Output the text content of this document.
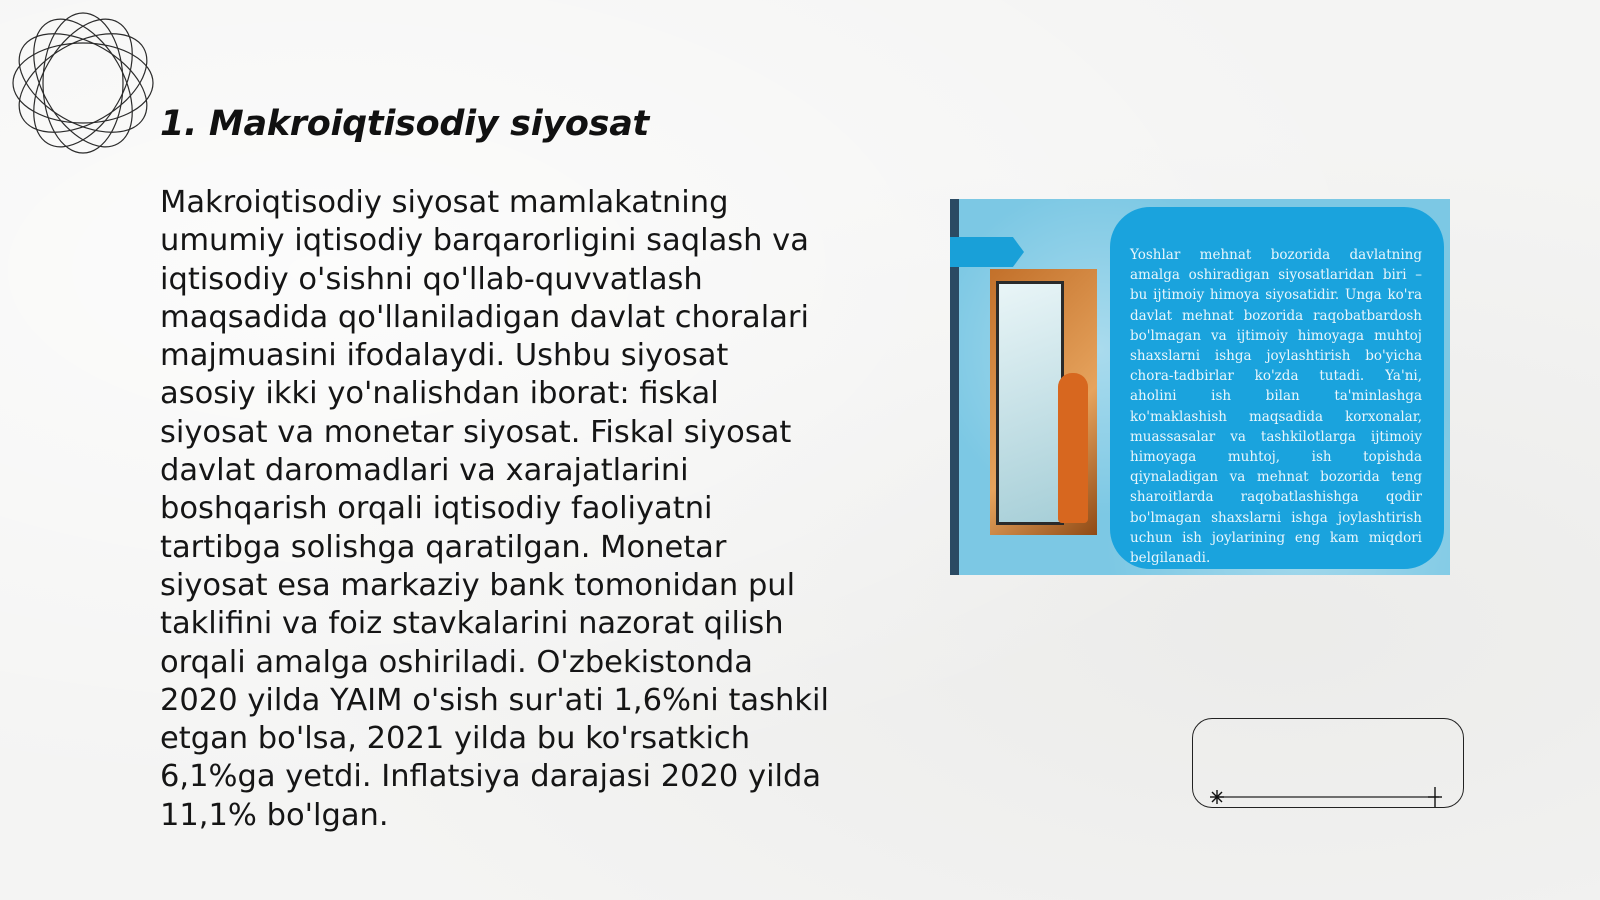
1. Makroiqtisodiy siyosat

Makroiqtisodiy siyosat mamlakatning umumiy iqtisodiy barqarorligini saqlash va iqtisodiy o'sishni qo'llab-quvvatlash maqsadida qo'llaniladigan davlat choralari majmuasini ifodalaydi. Ushbu siyosat asosiy ikki yo'nalishdan iborat: fiskal siyosat va monetar siyosat. Fiskal siyosat davlat daromadlari va xarajatlarini boshqarish orqali iqtisodiy faoliyatni tartibga solishga qaratilgan. Monetar siyosat esa markaziy bank tomonidan pul taklifini va foiz stavkalarini nazorat qilish orqali amalga oshiriladi. O'zbekistonda 2020 yilda YAIM o'sish sur'ati 1,6%ni tashkil etgan bo'lsa, 2021 yilda bu ko'rsatkich 6,1%ga yetdi. Inflatsiya darajasi 2020 yilda 11,1% bo'lgan.

Yoshlar mehnat bozorida davlatning amalga oshiradigan siyosatlaridan biri – bu ijtimoiy himoya siyosatidir. Unga ko'ra davlat mehnat bozorida raqobatbardosh bo'lmagan va ijtimoiy himoyaga muhtoj shaxslarni ishga joylashtirish bo'yicha chora-tadbirlar ko'zda tutadi. Ya'ni, aholini ish bilan ta'minlashga ko'maklashish maqsadida korxonalar, muassasalar va tashkilotlarga ijtimoiy himoyaga muhtoj, ish topishda qiynaladigan va mehnat bozorida teng sharoitlarda raqobatlashishga qodir bo'lmagan shaxslarni ishga joylashtirish uchun ish joylarining eng kam miqdori belgilanadi.
